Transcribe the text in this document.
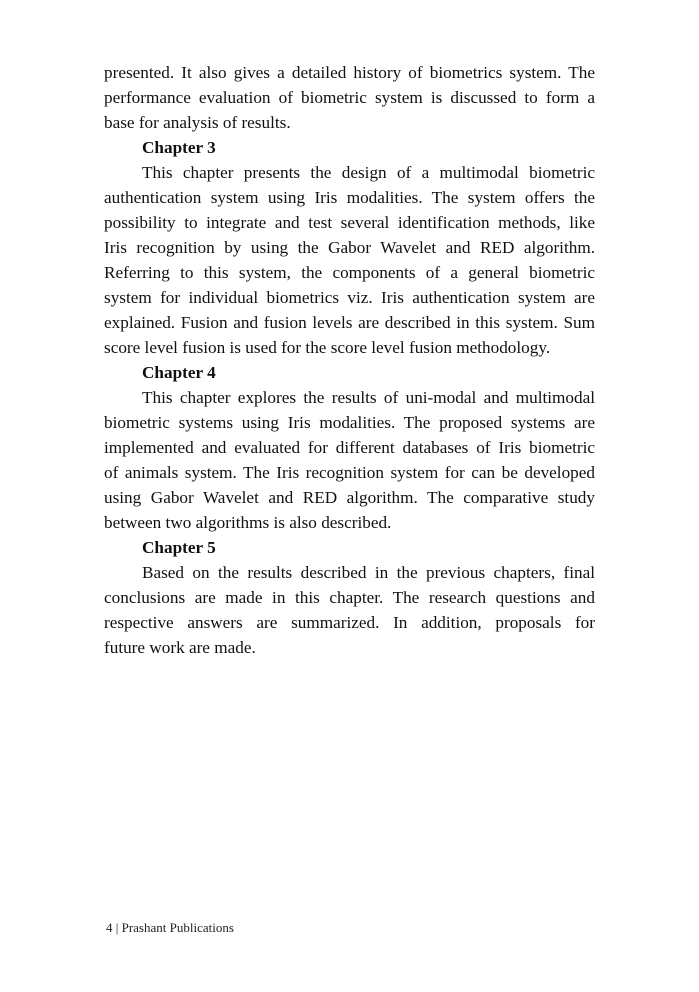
presented. It also gives a detailed history of biometrics system. The
performance evaluation of biometric system is discussed to form a
base for analysis of results.
Chapter 3
This chapter presents the design of a multimodal biometric
authentication system using Iris modalities. The system offers the
possibility to integrate and test several identification methods, like
Iris recognition by using the Gabor Wavelet and RED algorithm.
Referring to this system, the components of a general biometric
system for individual biometrics viz. Iris authentication system are
explained. Fusion and fusion levels are described in this system. Sum
score level fusion is used for the score level fusion methodology.
Chapter 4
This chapter explores the results of uni-modal and multimodal
biometric systems using Iris modalities. The proposed systems are
implemented and evaluated for different databases of Iris biometric
of animals system. The Iris recognition system for can be developed
using Gabor Wavelet and RED algorithm. The comparative study
between two algorithms is also described.
Chapter 5
Based on the results described in the previous chapters, final
conclusions are made in this chapter. The research questions and
respective answers are summarized. In addition, proposals for
future work are made.
4 | Prashant Publications
